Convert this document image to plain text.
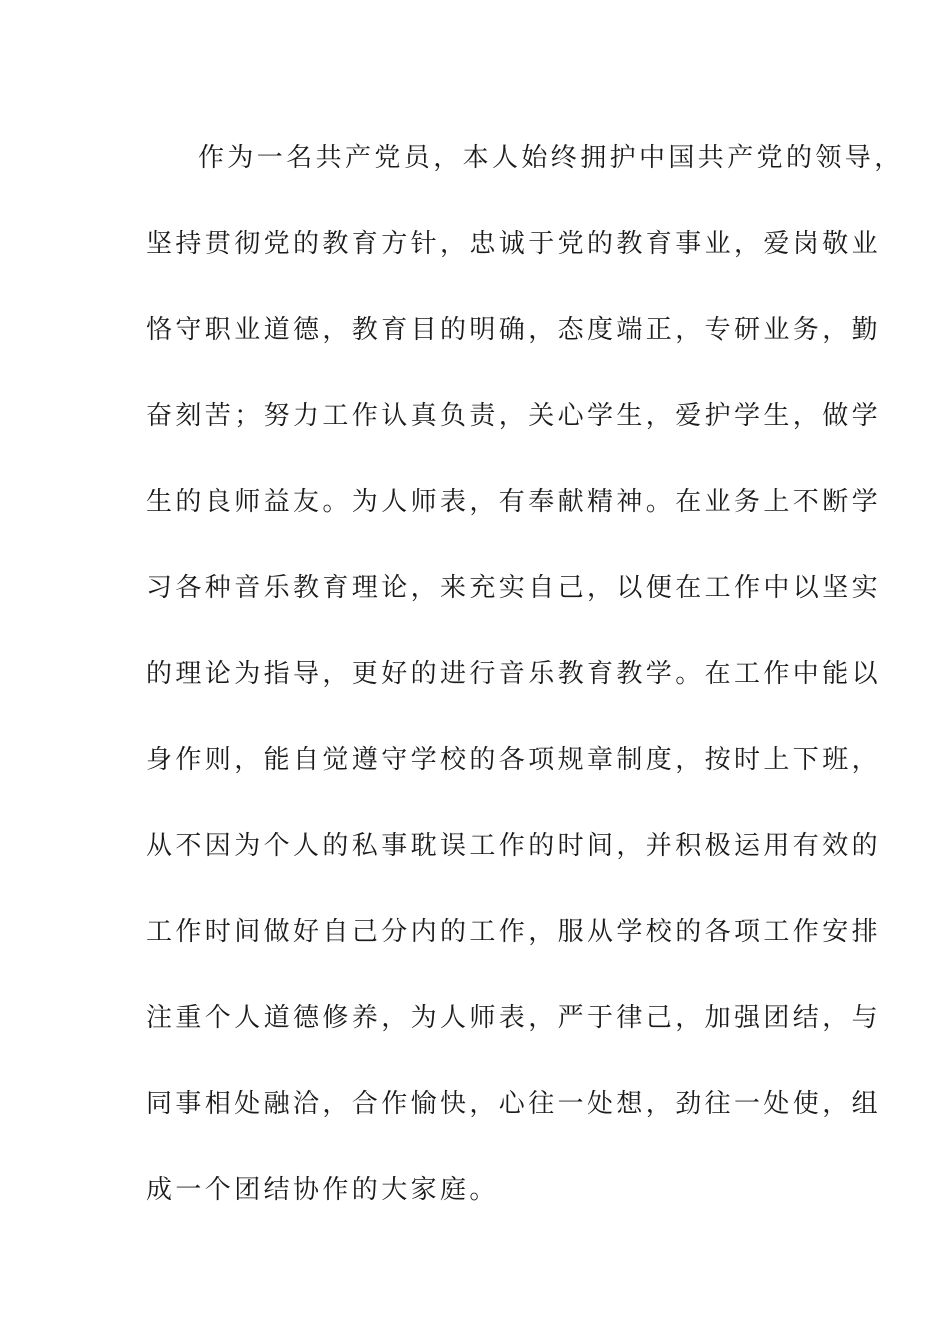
作为一名共产党员，本人始终拥护中国共产党的领导，
坚持贯彻党的教育方针，忠诚于党的教育事业，爱岗敬业
恪守职业道德，教育目的明确，态度端正，专研业务，勤
奋刻苦；努力工作认真负责，关心学生，爱护学生，做学
生的良师益友。为人师表，有奉献精神。在业务上不断学
习各种音乐教育理论，来充实自己，以便在工作中以坚实
的理论为指导，更好的进行音乐教育教学。在工作中能以
身作则，能自觉遵守学校的各项规章制度，按时上下班，
从不因为个人的私事耽误工作的时间，并积极运用有效的
工作时间做好自己分内的工作，服从学校的各项工作安排
注重个人道德修养，为人师表，严于律己，加强团结，与
同事相处融洽，合作愉快，心往一处想，劲往一处使，组
成一个团结协作的大家庭。
